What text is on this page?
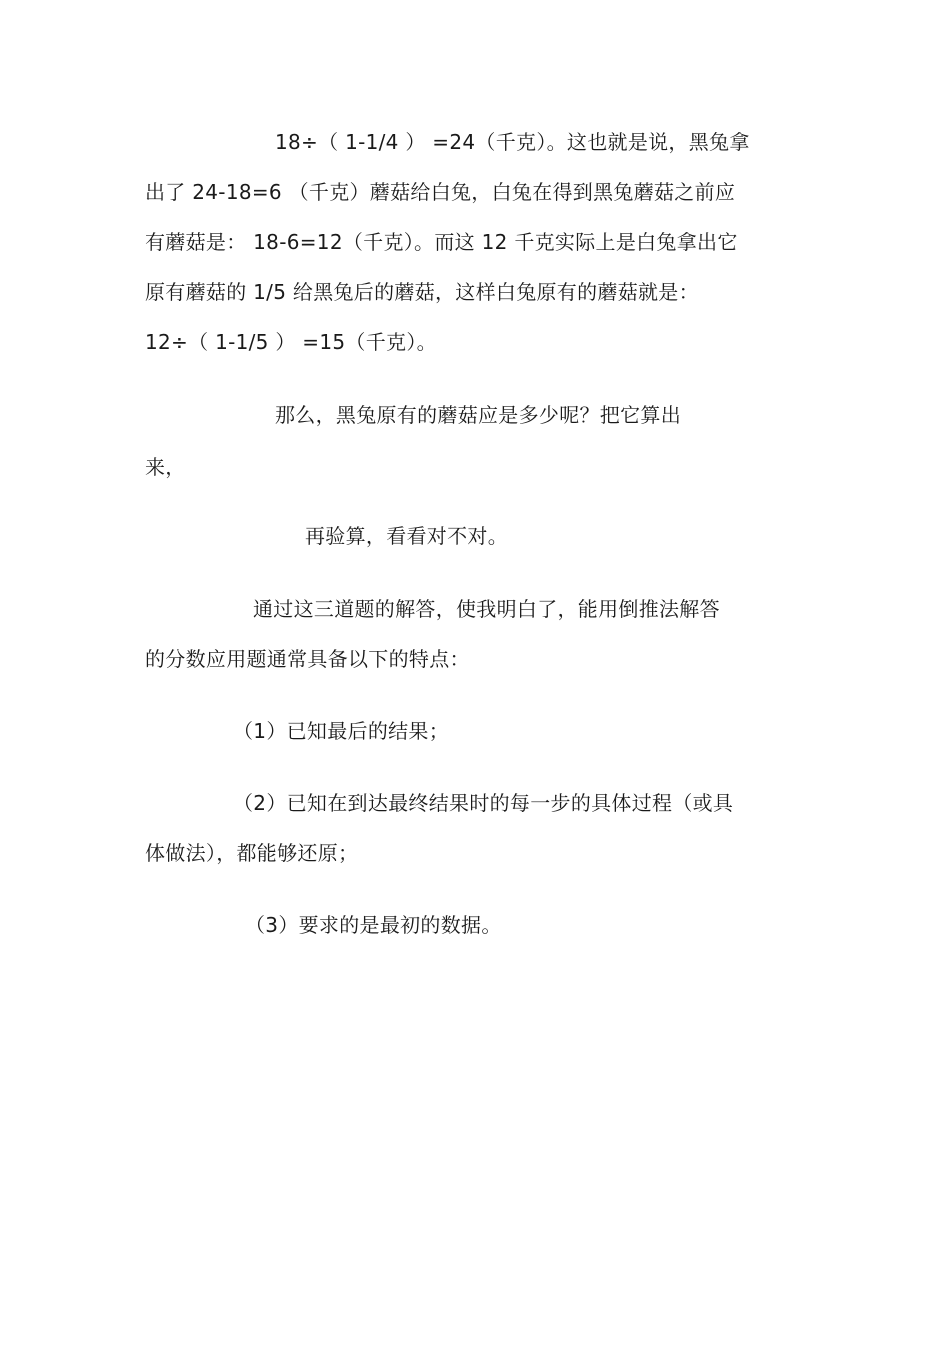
18÷（ 1-1/4 ） =24（千克）。这也就是说，黑兔拿
出了 24-18=6 （千克）蘑菇给白兔，白兔在得到黑兔蘑菇之前应
有蘑菇是： 18-6=12（千克）。而这 12 千克实际上是白兔拿出它
原有蘑菇的 1/5 给黑兔后的蘑菇，这样白兔原有的蘑菇就是：
12÷（ 1-1/5 ） =15（千克）。
那么，黑兔原有的蘑菇应是多少呢？把它算出
来，
再验算，看看对不对。
通过这三道题的解答，使我明白了，能用倒推法解答
的分数应用题通常具备以下的特点：
（1）已知最后的结果；
（2）已知在到达最终结果时的每一步的具体过程（或具
体做法），都能够还原；
（3）要求的是最初的数据。
